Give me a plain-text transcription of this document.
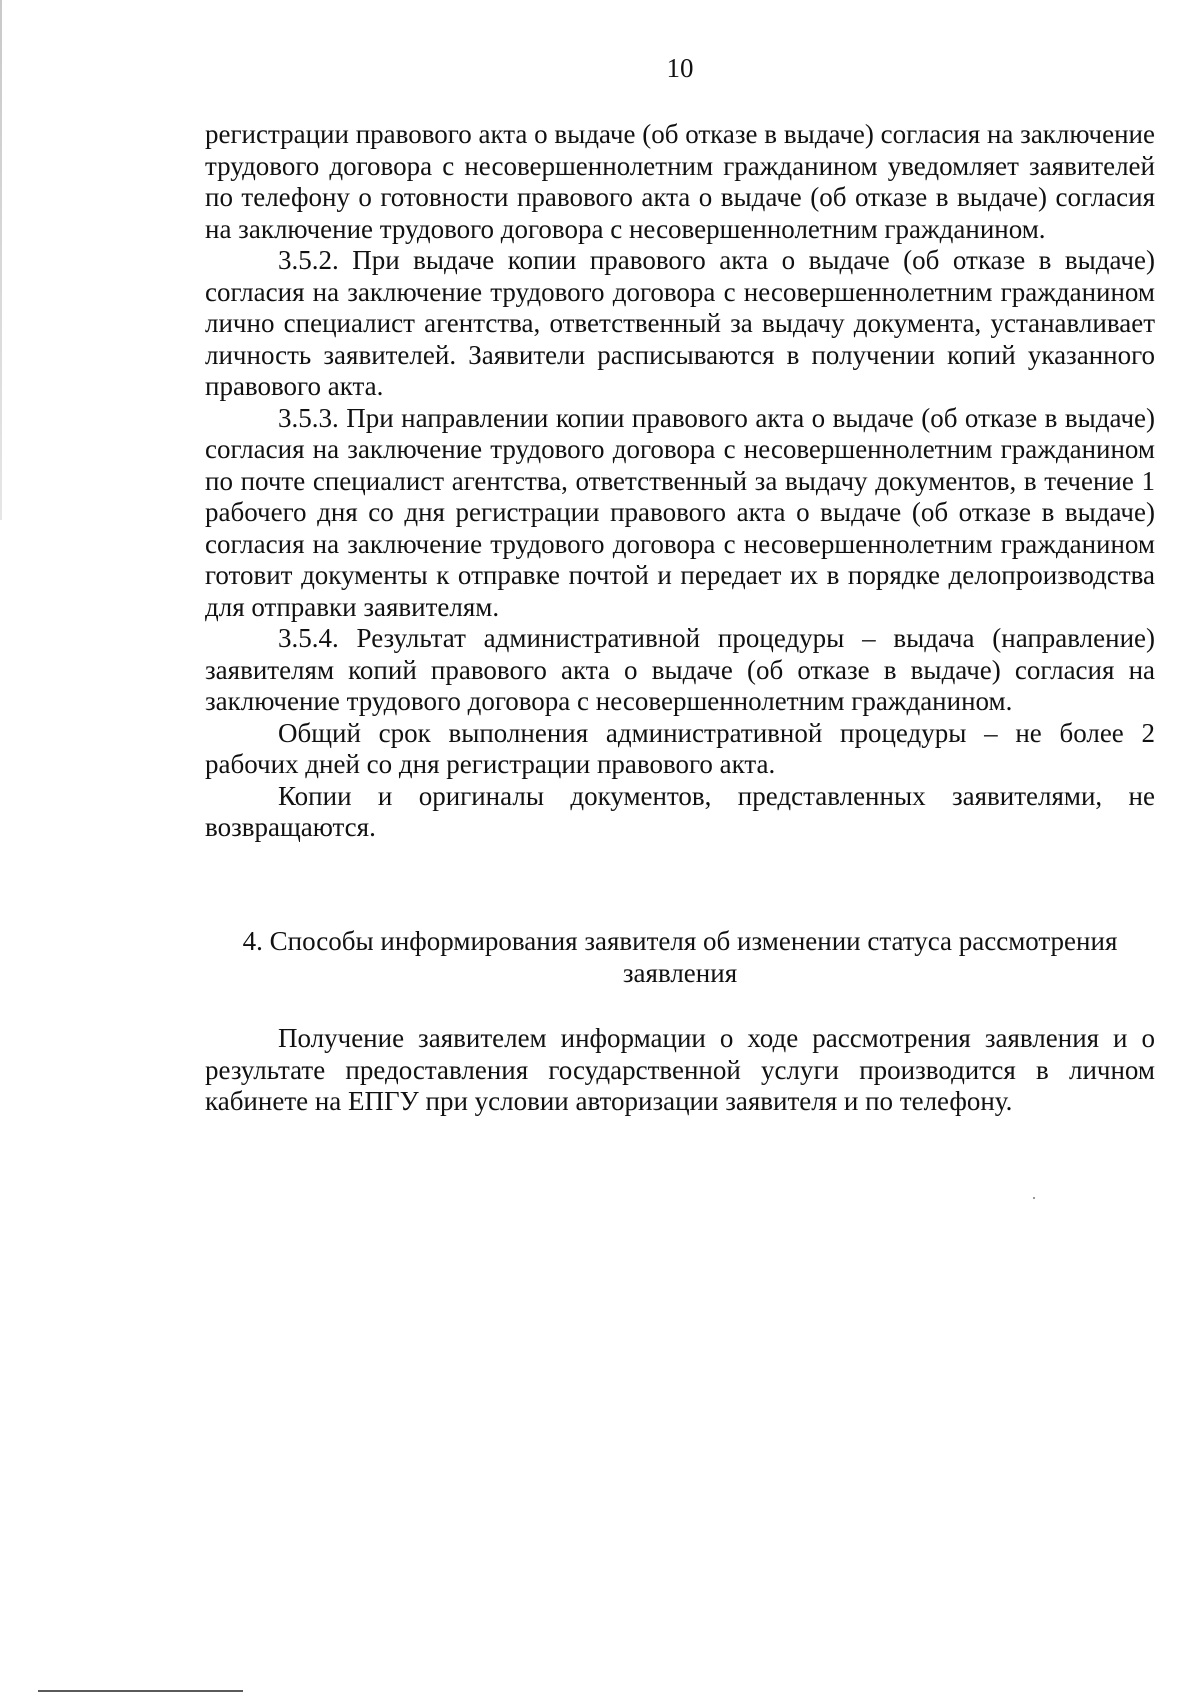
10

регистрации правового акта о выдаче (об отказе в выдаче) согласия на заключение трудового договора с несовершеннолетним гражданином уведомляет заявителей по телефону о готовности правового акта о выдаче (об отказе в выдаче) согласия на заключение трудового договора с несовершеннолетним гражданином.

3.5.2. При выдаче копии правового акта о выдаче (об отказе в выдаче) согласия на заключение трудового договора с несовершеннолетним гражданином лично специалист агентства, ответственный за выдачу документа, устанавливает личность заявителей. Заявители расписываются в получении копий указанного правового акта.

3.5.3. При направлении копии правового акта о выдаче (об отказе в выдаче) согласия на заключение трудового договора с несовершеннолетним гражданином по почте специалист агентства, ответственный за выдачу документов, в течение 1 рабочего дня со дня регистрации правового акта о выдаче (об отказе в выдаче) согласия на заключение трудового договора с несовершеннолетним гражданином готовит документы к отправке почтой и передает их в порядке делопроизводства для отправки заявителям.

3.5.4. Результат административной процедуры – выдача (направление) заявителям копий правового акта о выдаче (об отказе в выдаче) согласия на заключение трудового договора с несовершеннолетним гражданином.

Общий срок выполнения административной процедуры – не более 2 рабочих дней со дня регистрации правового акта.

Копии и оригиналы документов, представленных заявителями, не возвращаются.

4. Способы информирования заявителя об изменении статуса рассмотрения заявления

Получение заявителем информации о ходе рассмотрения заявления и о результате предоставления государственной услуги производится в личном кабинете на ЕПГУ при условии авторизации заявителя и по телефону.
